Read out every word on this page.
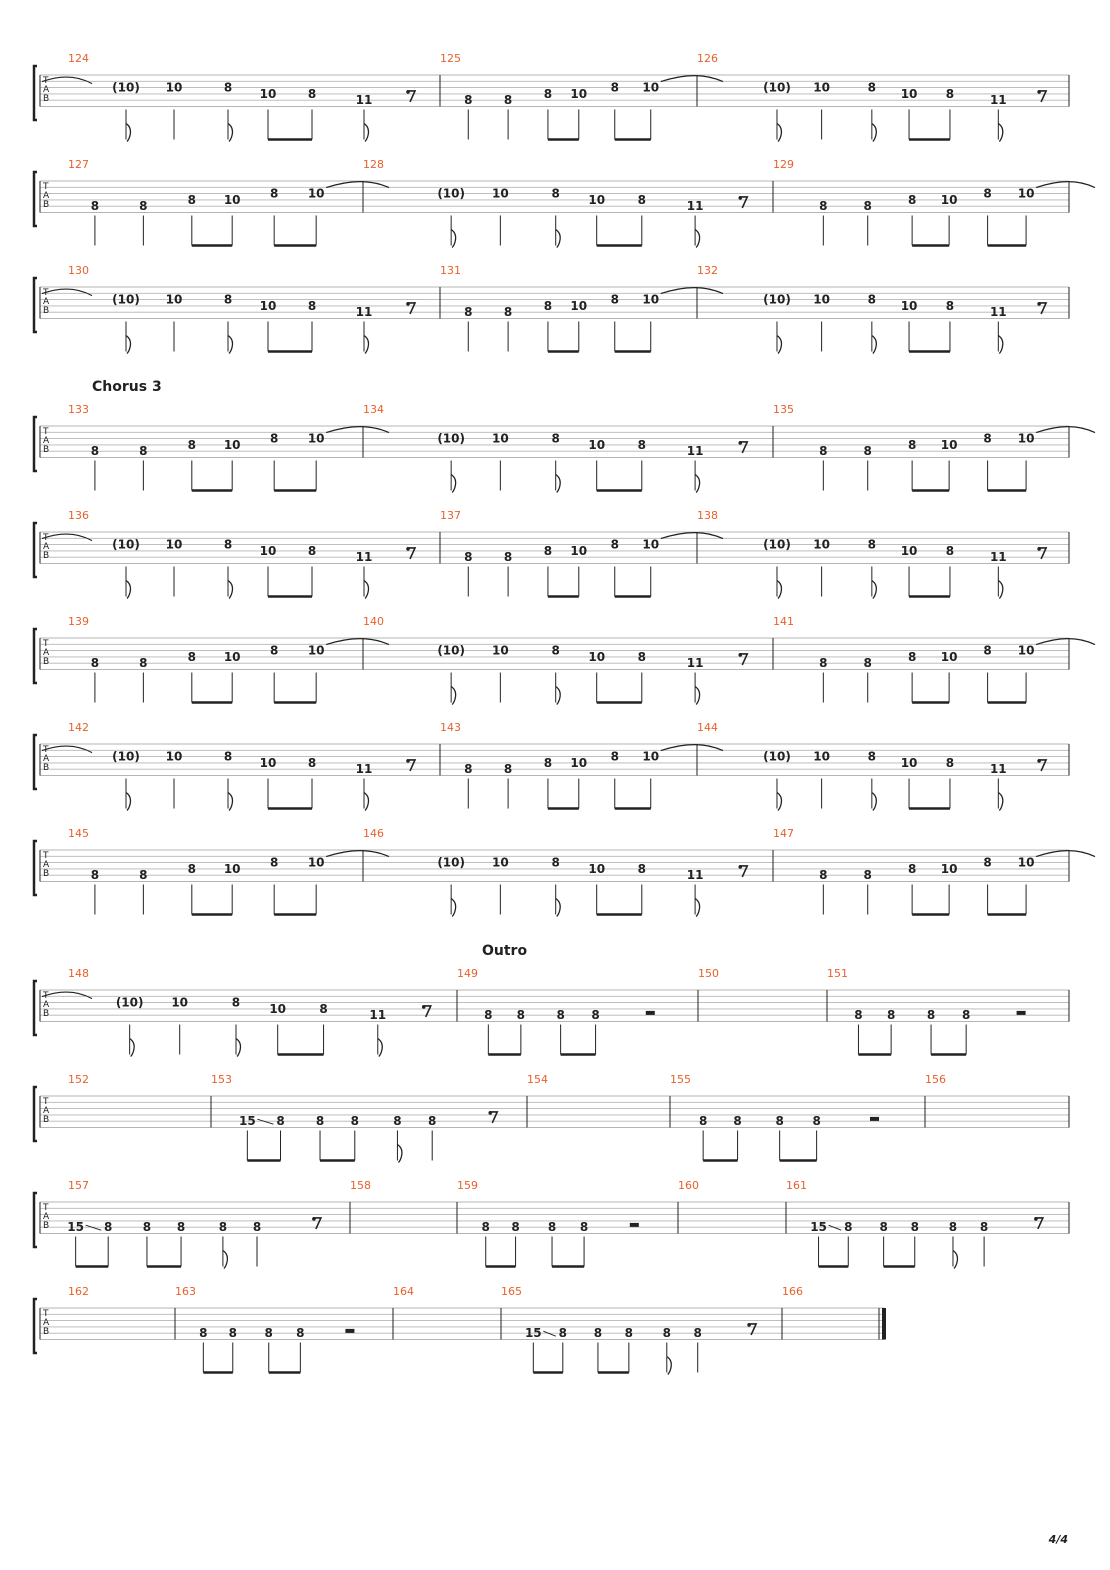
T
A
B
124
(10) 10	8 10	8	11
125
8	8	8 10 8 10
126
(10) 10	8 10 8	11
T
A
B
127
8	8	8 10 8 10
128
(10) 10	8 10	8	11
129
8	8	8 10 8 10
T
A
B
130
(10) 10	8 10	8	11
131
8	8	8 10 8 10
132
(10) 10	8 10 8	11
T
A
B
Chorus 3
133
8	8	8 10 8 10
134
(10) 10	8 10	8	11
135
8	8	8 10 8 10
T
A
B
136
(10) 10	8 10	8	11
137
8	8	8 10 8 10
138
(10) 10	8 10 8	11
T
A
B
139
8	8	8 10 8 10
140
(10) 10	8 10	8	11
141
8	8	8 10 8 10
T
A
B
142
(10) 10	8 10	8	11
143
8	8	8 10 8 10
144
(10) 10	8 10 8	11
T
A
B
145
8	8	8 10 8 10
146
(10) 10	8 10	8	11
147
8	8	8 10 8 10
T
A
B
Outro
148
(10) 10	8 10	8	11
149
8 8	8 8
150	151
8 8	8 8
T
A
B
152	153
15 8	8 8	8 8
154	155
8 8	8 8
156
T
A
B
157
15 8	8 8	8 8
158	159
8 8 8 8
160	161
15 8 8 8 8 8
T
A
B
162	163
8 8 8 8
164	165
15 8 8 8 8 8
166
4/4
